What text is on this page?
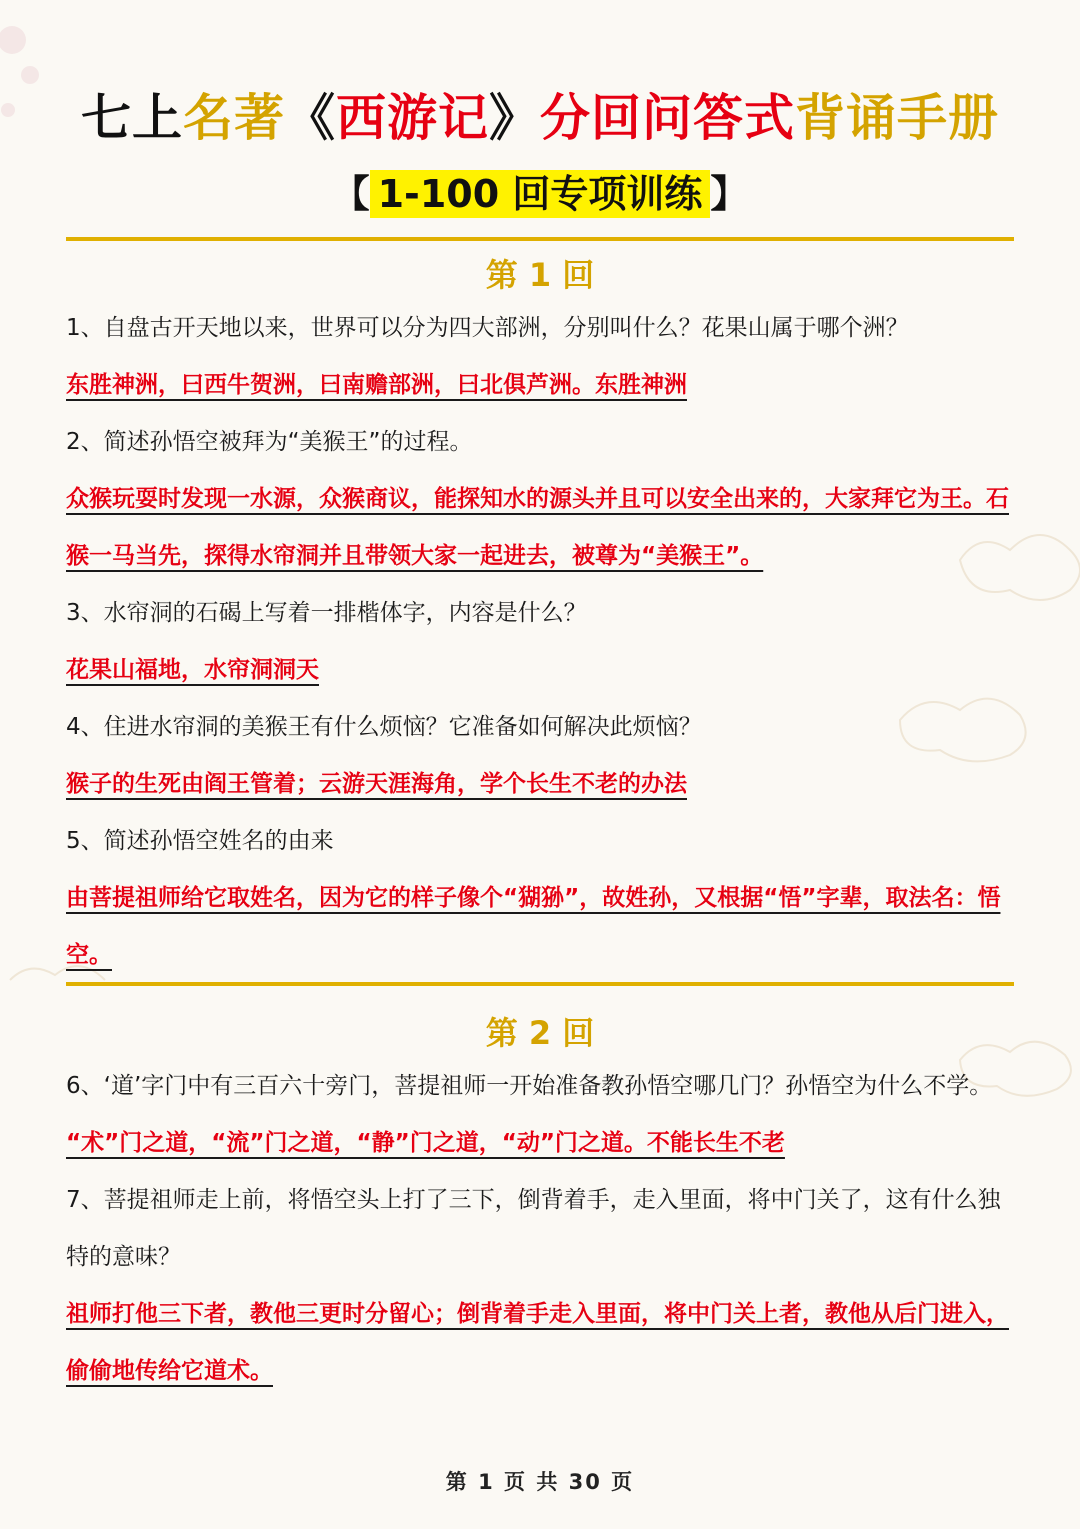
七上名著《西游记》分回问答式背诵手册
【 1-100 回专项训练 】
第 1 回

1、自盘古开天地以来，世界可以分为四大部洲，分别叫什么？花果山属于哪个洲？

东胜神洲，曰西牛贺洲，曰南赡部洲，曰北俱芦洲。东胜神洲

2、简述孙悟空被拜为“美猴王”的过程。

众猴玩耍时发现一水源，众猴商议，能探知水的源头并且可以安全出来的，大家拜它为王。石猴一马当先，探得水帘洞并且带领大家一起进去，被尊为“美猴王”。

3、水帘洞的石碣上写着一排楷体字，内容是什么？

花果山福地，水帘洞洞天

4、住进水帘洞的美猴王有什么烦恼？它准备如何解决此烦恼？

猴子的生死由阎王管着；云游天涯海角，学个长生不老的办法

5、简述孙悟空姓名的由来

由菩提祖师给它取姓名，因为它的样子像个“猢狲”，故姓孙，又根据“悟”字辈，取法名：悟空。

第 2 回

6、‘道’字门中有三百六十旁门，菩提祖师一开始准备教孙悟空哪几门？孙悟空为什么不学。

“术”门之道，“流”门之道，“静”门之道，“动”门之道。不能长生不老

7、菩提祖师走上前，将悟空头上打了三下，倒背着手，走入里面，将中门关了，这有什么独特的意味？

祖师打他三下者，教他三更时分留心；倒背着手走入里面，将中门关上者，教他从后门进入，偷偷地传给它道术。

第 1 页 共 30 页
